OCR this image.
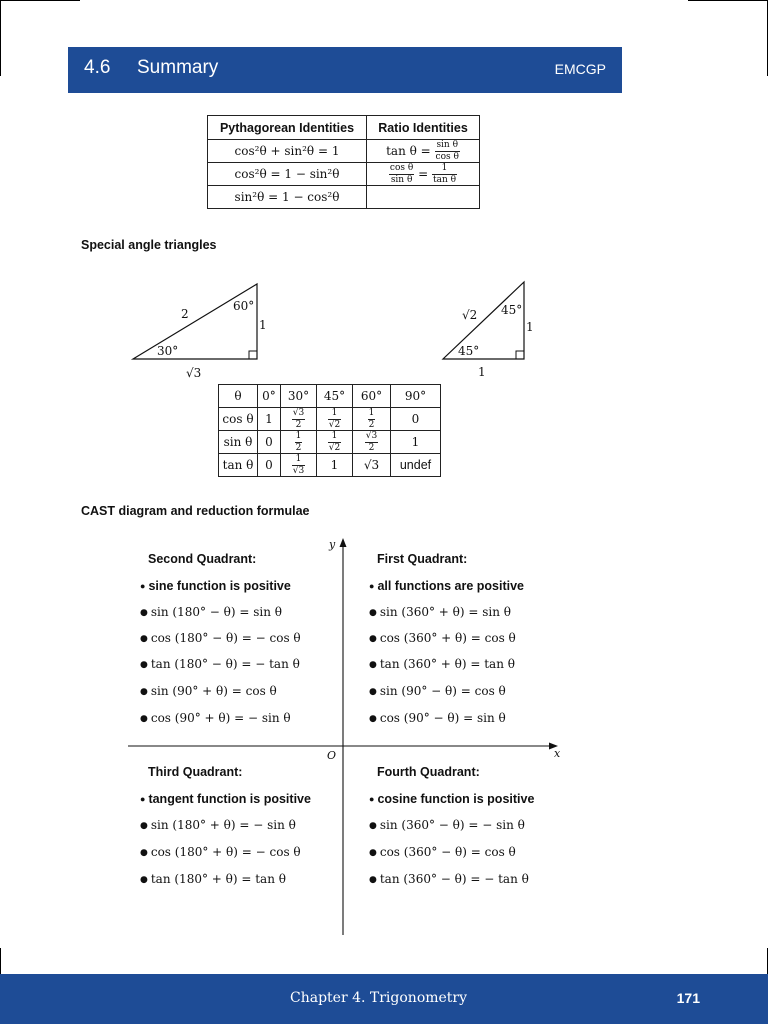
4.6 Summary	EMCGP
Pythagorean Identities	Ratio Identities
cos²θ + sin²θ = 1	$\tan \theta = \frac{\text{sin θ}}{\text{cos θ}}$

cos²θ = 1 − sin²θ	$\frac{\text{cos θ}}{\text{sin θ}} = \frac{1}{\text{tan θ}}$

sin²θ = 1 − cos²θ	
Special angle triangles
2
60°
1
30°
√3
√2 45°
1
45°
1
θ	0°	30°	45°	60°	90°
cos θ	1	$\frac{√3}{2}$	$\frac{1}{√2}$	$\frac{1}{2}$	0
sin θ	0	$\frac{1}{2}$	$\frac{1}{√2}$	$\frac{√3}{2}$	1
tan θ	0	$\frac{1}{√3}$	1	√3	undef
CAST diagram and reduction formulae
y
x
O
Second Quadrant:
● sine function is positive
● sin (180° − θ) = sin θ
● cos (180° − θ) = − cos θ
● tan (180° − θ) = − tan θ
● sin (90° + θ) = cos θ
● cos (90° + θ) = − sin θ
First Quadrant:
● all functions are positive
● sin (360° + θ) = sin θ
● cos (360° + θ) = cos θ
● tan (360° + θ) = tan θ
● sin (90° − θ) = cos θ
● cos (90° − θ) = sin θ
Third Quadrant:
● tangent function is positive
● sin (180° + θ) = − sin θ
● cos (180° + θ) = − cos θ
● tan (180° + θ) = tan θ
Fourth Quadrant:
● cosine function is positive
● sin (360° − θ) = − sin θ
● cos (360° − θ) = cos θ
● tan (360° − θ) = − tan θ
Chapter 4. Trigonometry	171
